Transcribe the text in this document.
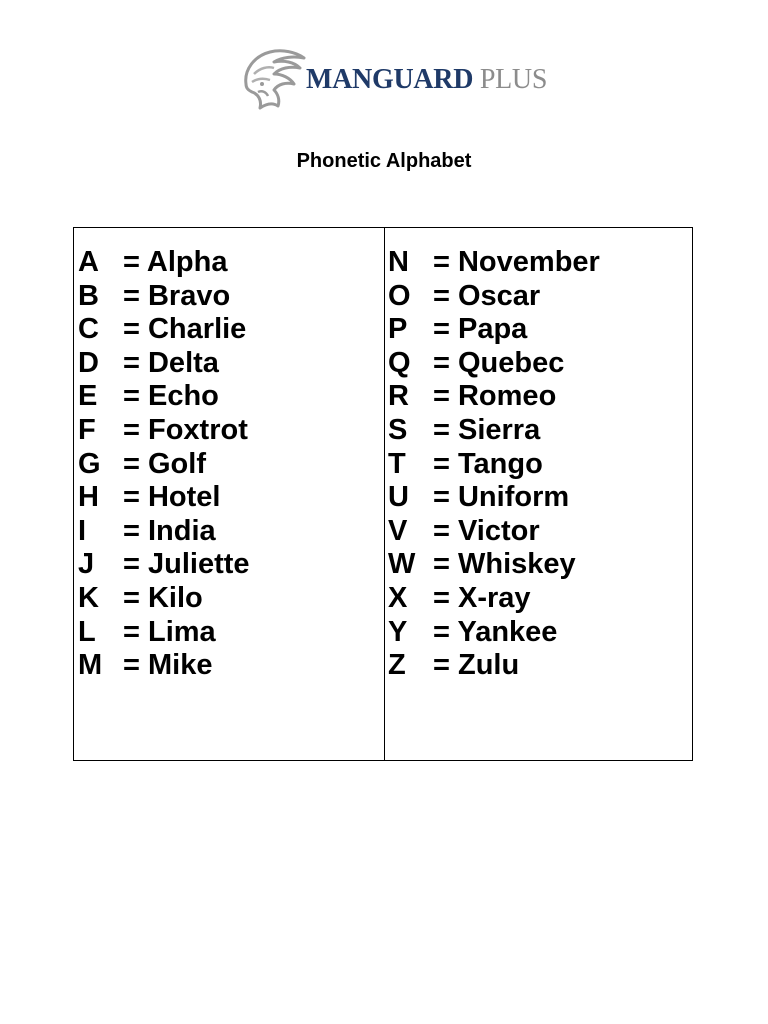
MANGUARD PLUS
Phonetic Alphabet
A = Alpha
B = Bravo
C = Charlie
D = Delta
E = Echo
F = Foxtrot
G = Golf
H = Hotel
I = India
J = Juliette
K = Kilo
L = Lima
M = Mike
N = November
O = Oscar
P = Papa
Q = Quebec
R = Romeo
S = Sierra
T = Tango
U = Uniform
V = Victor
W = Whiskey
X = X-ray
Y = Yankee
Z = Zulu
